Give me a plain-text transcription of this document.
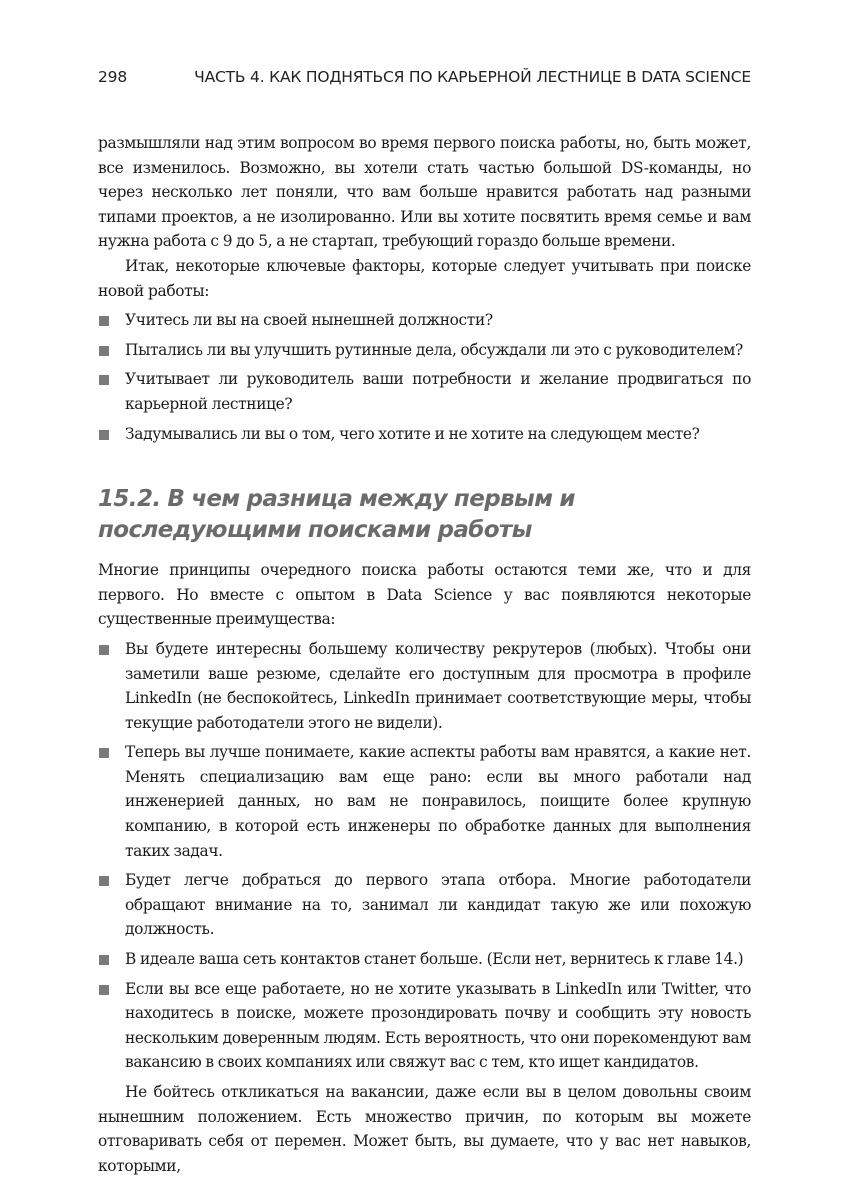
298	ЧАСТЬ 4. КАК ПОДНЯТЬСЯ ПО КАРЬЕРНОЙ ЛЕСТНИЦЕ В DATA SCIENCE

размышляли над этим вопросом во время первого поиска работы, но, быть может, все изменилось. Возможно, вы хотели стать частью большой DS-команды, но через несколько лет поняли, что вам больше нравится работать над разными типами проектов, а не изолированно. Или вы хотите посвятить время семье и вам нужна работа с 9 до 5, а не стартап, требующий гораздо больше времени.

Итак, некоторые ключевые факторы, которые следует учитывать при поиске новой работы:

Учитесь ли вы на своей нынешней должности?
Пытались ли вы улучшить рутинные дела, обсуждали ли это с руководителем?
Учитывает ли руководитель ваши потребности и желание продвигаться по карьерной лестнице?
Задумывались ли вы о том, чего хотите и не хотите на следующем месте?
15.2. В чем разница между первым и последующими поисками работы

Многие принципы очередного поиска работы остаются теми же, что и для первого. Но вместе с опытом в Data Science у вас появляются некоторые существенные преимущества:

Вы будете интересны большему количеству рекрутеров (любых). Чтобы они заметили ваше резюме, сделайте его доступным для просмотра в профиле LinkedIn (не беспокойтесь, LinkedIn принимает соответствующие меры, чтобы текущие работодатели этого не видели).
Теперь вы лучше понимаете, какие аспекты работы вам нравятся, а какие нет. Менять специализацию вам еще рано: если вы много работали над инженерией данных, но вам не понравилось, поищите более крупную компанию, в которой есть инженеры по обработке данных для выполнения таких задач.
Будет легче добраться до первого этапа отбора. Многие работодатели обращают внимание на то, занимал ли кандидат такую же или похожую должность.
В идеале ваша сеть контактов станет больше. (Если нет, вернитесь к главе 14.)
Если вы все еще работаете, но не хотите указывать в LinkedIn или Twitter, что находитесь в поиске, можете прозондировать почву и сообщить эту новость нескольким доверенным людям. Есть вероятность, что они порекомендуют вам вакансию в своих компаниях или свяжут вас с тем, кто ищет кандидатов.

Не бойтесь откликаться на вакансии, даже если вы в целом довольны своим нынешним положением. Есть множество причин, по которым вы можете отговаривать себя от перемен. Может быть, вы думаете, что у вас нет навыков, которыми,
